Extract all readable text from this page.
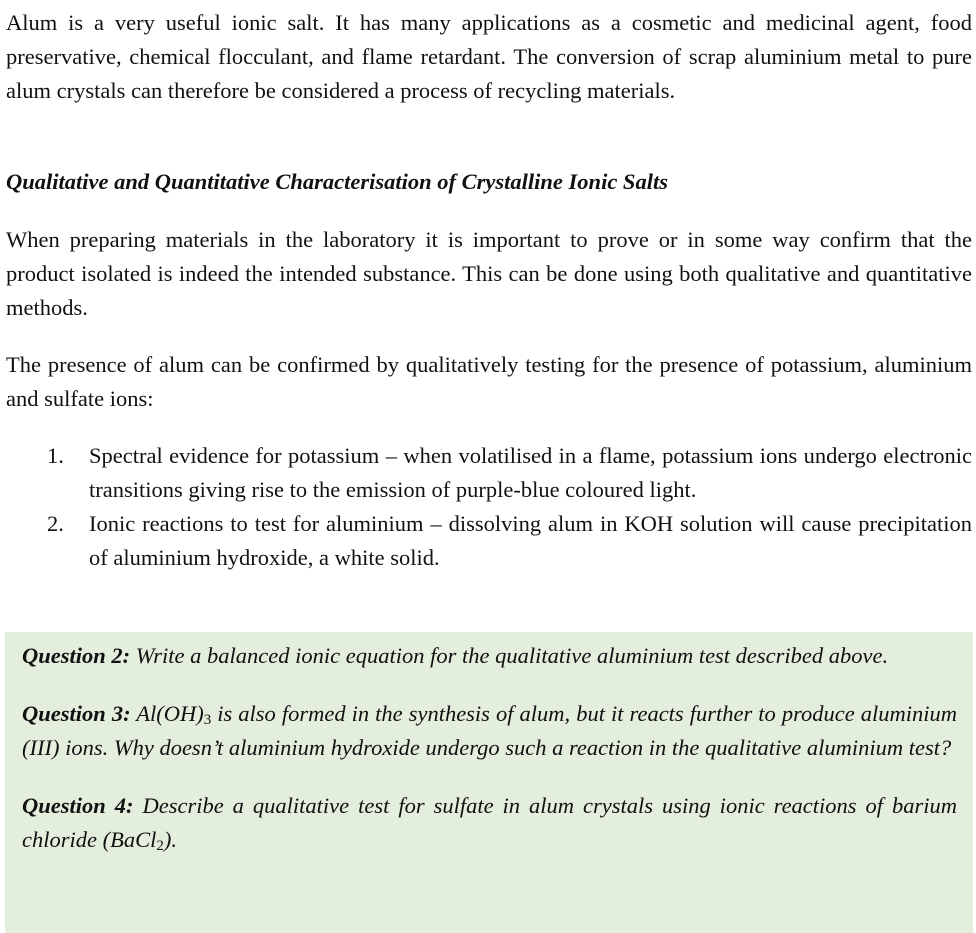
Alum is a very useful ionic salt. It has many applications as a cosmetic and medicinal agent, food preservative, chemical flocculant, and flame retardant. The conversion of scrap aluminium metal to pure alum crystals can therefore be considered a process of recycling materials.

Qualitative and Quantitative Characterisation of Crystalline Ionic Salts

When preparing materials in the laboratory it is important to prove or in some way confirm that the product isolated is indeed the intended substance. This can be done using both qualitative and quantitative methods.

The presence of alum can be confirmed by qualitatively testing for the presence of potassium, aluminium and sulfate ions:

1. Spectral evidence for potassium – when volatilised in a flame, potassium ions undergo electronic transitions giving rise to the emission of purple-blue coloured light.
2. Ionic reactions to test for aluminium – dissolving alum in KOH solution will cause precipitation of aluminium hydroxide, a white solid.

Question 2: Write a balanced ionic equation for the qualitative aluminium test described above.

Question 3: $Al(OH)_3$ is also formed in the synthesis of alum, but it reacts further to produce aluminium (III) ions. Why doesn’t aluminium hydroxide undergo such a reaction in the qualitative aluminium test?

Question 4: Describe a qualitative test for sulfate in alum crystals using ionic reactions of barium chloride (BaCl$_2$).
